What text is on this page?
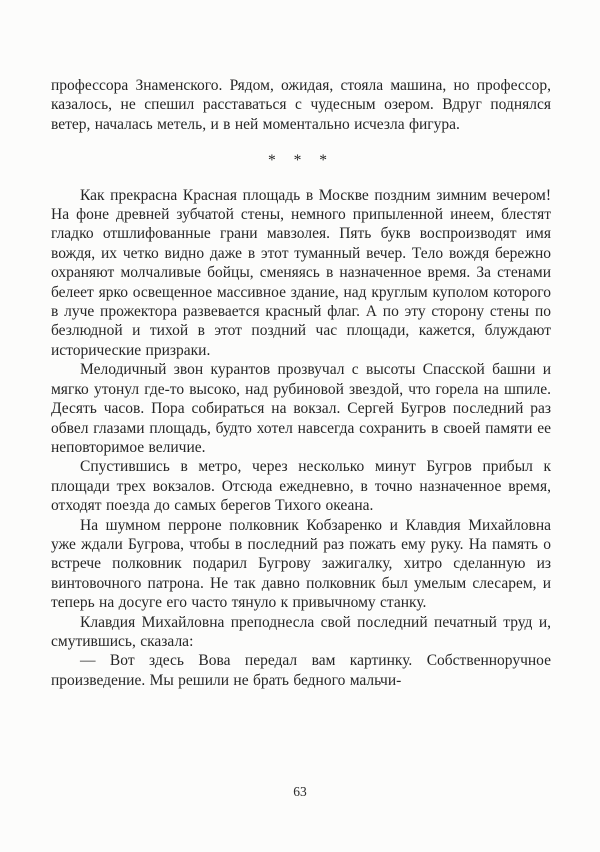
профессора Знаменского. Рядом, ожидая, стояла машина, но профессор, казалось, не спешил расставаться с чудесным озером. Вдруг поднялся ветер, началась метель, и в ней моментально исчезла фигура.

* * *

Как прекрасна Красная площадь в Москве поздним зимним вечером! На фоне древней зубчатой стены, немного припыленной инеем, блестят гладко отшлифованные грани мавзолея. Пять букв воспроизводят имя вождя, их четко видно даже в этот туманный вечер. Тело вождя бережно охраняют молчаливые бойцы, сменяясь в назначенное время. За стенами белеет ярко освещенное массивное здание, над круглым куполом которого в луче прожектора развевается красный флаг. А по эту сторону стены по безлюдной и тихой в этот поздний час площади, кажется, блуждают исторические призраки.

Мелодичный звон курантов прозвучал с высоты Спасской башни и мягко утонул где-то высоко, над рубиновой звездой, что горела на шпиле. Десять часов. Пора собираться на вокзал. Сергей Бугров последний раз обвел глазами площадь, будто хотел навсегда сохранить в своей памяти ее неповторимое величие.

Спустившись в метро, через несколько минут Бугров прибыл к площади трех вокзалов. Отсюда ежедневно, в точно назначенное время, отходят поезда до самых берегов Тихого океана.

На шумном перроне полковник Кобзаренко и Клавдия Михайловна уже ждали Бугрова, чтобы в последний раз пожать ему руку. На память о встрече полковник подарил Бугрову зажигалку, хитро сделанную из винтовочного патрона. Не так давно полковник был умелым слесарем, и теперь на досуге его часто тянуло к привычному станку.

Клавдия Михайловна преподнесла свой последний печатный труд и, смутившись, сказала:

— Вот здесь Вова передал вам картинку. Собственноручное произведение. Мы решили не брать бедного мальчи-

63
